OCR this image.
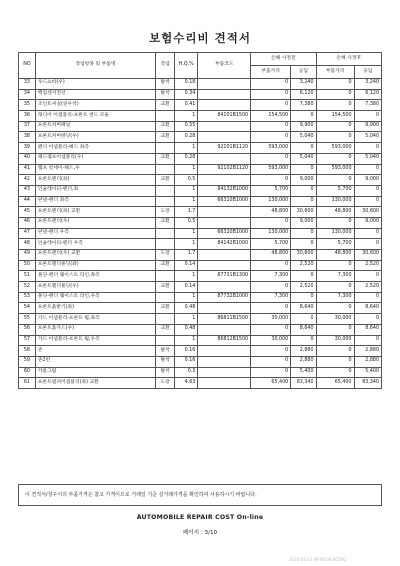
보험수리비 견적서
NO	작업항목 및 부품명	작업	H,Q,%	부품코드	손해 사정전		손해 사정후	
					부품가격	공임	부품가격	공임
33	우드쇼바(우)	탈착	0.18		0	3,240	0	3,240
34	백업센서전선	탈착	0.34		0	6,120	0	6,120
35	조인트씨실(앞우착)	교환	0.41		0	7,380	0	7,380
36	래디어 어셈블리-프론트 엔드 모듈		1	84101B1500	154,500	0	154,500	0
37	프론트커버패널	교환	0.55		0	9,900	0	9,900
38	프론트커버랜딩(우)	교환	0.28		0	5,040	0	5,040
39	펜더 어셈블리-헤드 좌측		1	92101B1120	593,000	0	593,000	0
40	헤드램프어셈블리(우)	교환	0.28		0	5,040	0	5,040
41	램프 앗세이-헤드,우		1	92102B1120	593,000	0	593,000	0
42	프론트펜더(좌)	교환	0.5		0	9,000	0	9,000
43	인슐레이터-펜더,좌		1	84132B1000	5,700	0	5,700	0
44	판넬-펜더 좌측		1	66310B1000	130,000	0	130,000	0
45	프론트펜더(좌) 교환	도장	1.7		48,800	30,600	48,800	30,600
46	프론트펜더(우)	교환	0.5		0	9,000	0	9,000
47	판넬-펜더 우측		1	66320B1000	130,000	0	130,000	0
48	인슐레이터-펜더 우측		1	84142B1000	5,700	0	5,700	0
49	프론트펜더(우) 교환	도장	1.7		48,800	30,600	48,800	30,600
50	프론트휀더몰딩(좌)	교환	0.14		0	2,520	0	2,520
51	몰딩-펜더 웨이스트 라인,좌측		1	87731B1300	7,300	0	7,300	0
52	프론트휀더몰딩(우)	교환	0.14		0	2,520	0	2,520
53	몰딩-펜더 웨이스트 라인,우측		1	87732B1000	7,300	0	7,300	0
54	프론트흙받기(좌)	교환	0.48		0	8,640	0	8,640
55	가드 어셈블리-프론트 휠,좌측		1	86811B1500	30,000	0	30,000	0
56	프론트흙가드(우)	교환	0.48		0	8,640	0	8,640
57	가드 어셈블리-프론트 휠,우측		1	86812B1500	30,000	0	30,000	0
58	존	탈착	0.16		0	2,880	0	2,880
59	존2번	탈착	0.16		0	2,880	0	2,880
60	카롬그람	탈착	0.3		0	5,400	0	5,400
61	프론트범퍼어셈블리(좌) 교환	도장	4.63		65,400	83,340	65,400	83,340
이 견적서/청구서의 부품가격은 참고 가격이므로 거래일 기준 실거래가격을 확인하여 사용하시기 바랍니다.
AUTOMOBILE REPAIR COST On-line
페이지 : 3/10
2020-01-02 09:40:08 ACD92
